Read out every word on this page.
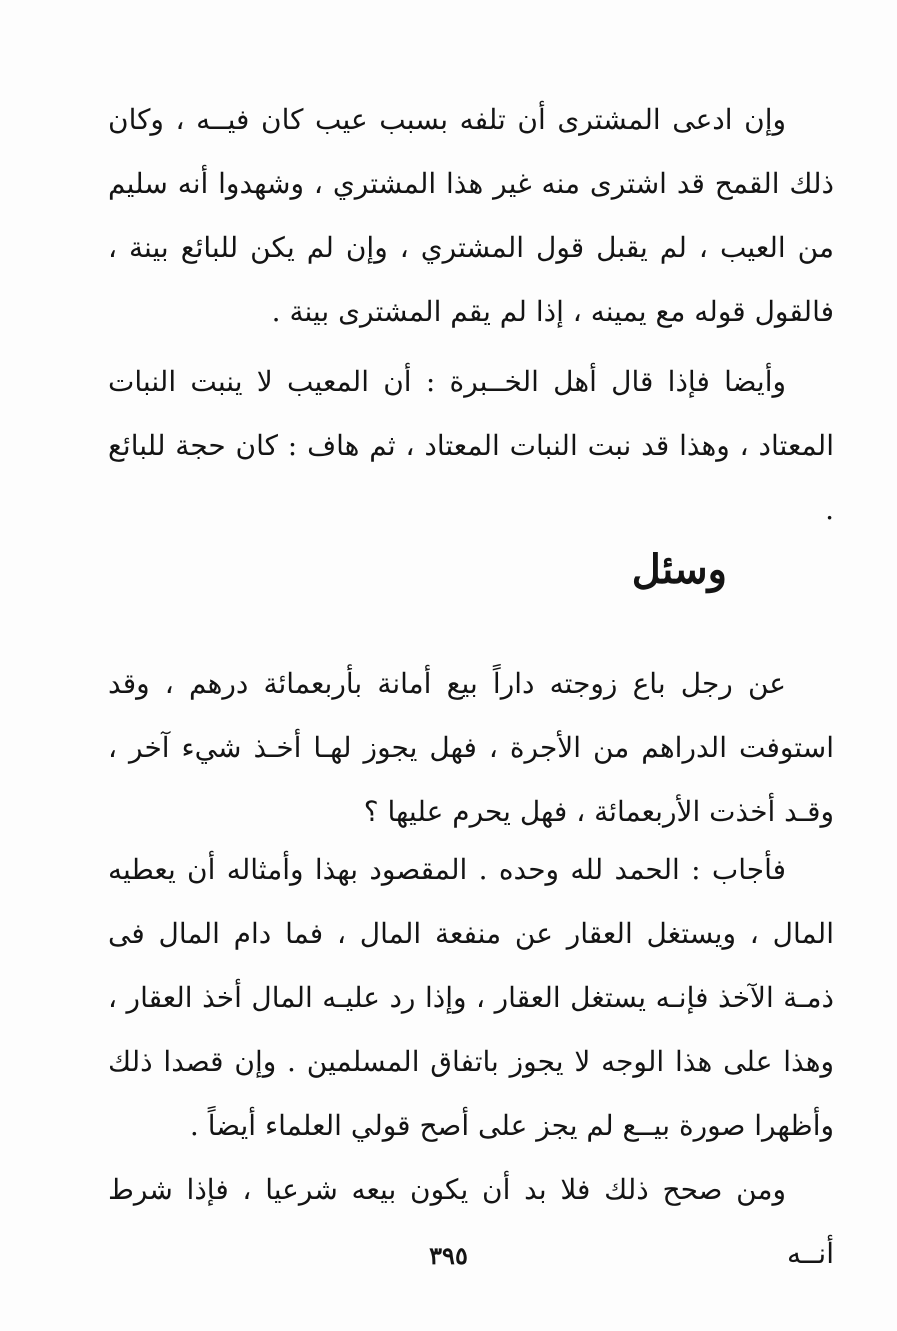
وإن ادعى المشترى أن تلفه بسبب عيب كان فيــه ، وكان ذلك القمح قد اشترى منه غير هذا المشتري ، وشهدوا أنه سليم من العيب ، لم يقبل قول المشتري ، وإن لم يكن للبائع بينة ، فالقول قوله مع يمينه ، إذا لم يقم المشترى بينة .

وأيضا فإذا قال أهل الخــبرة : أن المعيب لا ينبت النبات المعتاد ، وهذا قد نبت النبات المعتاد ، ثم هاف : كان حجة للبائع .

وسئل

عن رجل باع زوجته داراً بيع أمانة بأربعمائة درهم ، وقد استوفت الدراهم من الأجرة ، فهل يجوز لهـا أخـذ شيء آخر ، وقـد أخذت الأربعمائة ، فهل يحرم عليها ؟

فأجاب : الحمد لله وحده . المقصود بهذا وأمثاله أن يعطيه المال ، ويستغل العقار عن منفعة المال ، فما دام المال فى ذمـة الآخذ فإنـه يستغل العقار ، وإذا رد عليـه المال أخذ العقار ، وهذا على هذا الوجه لا يجوز باتفاق المسلمين . وإن قصدا ذلك وأظهرا صورة بيــع لم يجز على أصح قولي العلماء أيضاً .

ومن صحح ذلك فلا بد أن يكون بيعه شرعيا ، فإذا شرط أنــه

٣٩٥
